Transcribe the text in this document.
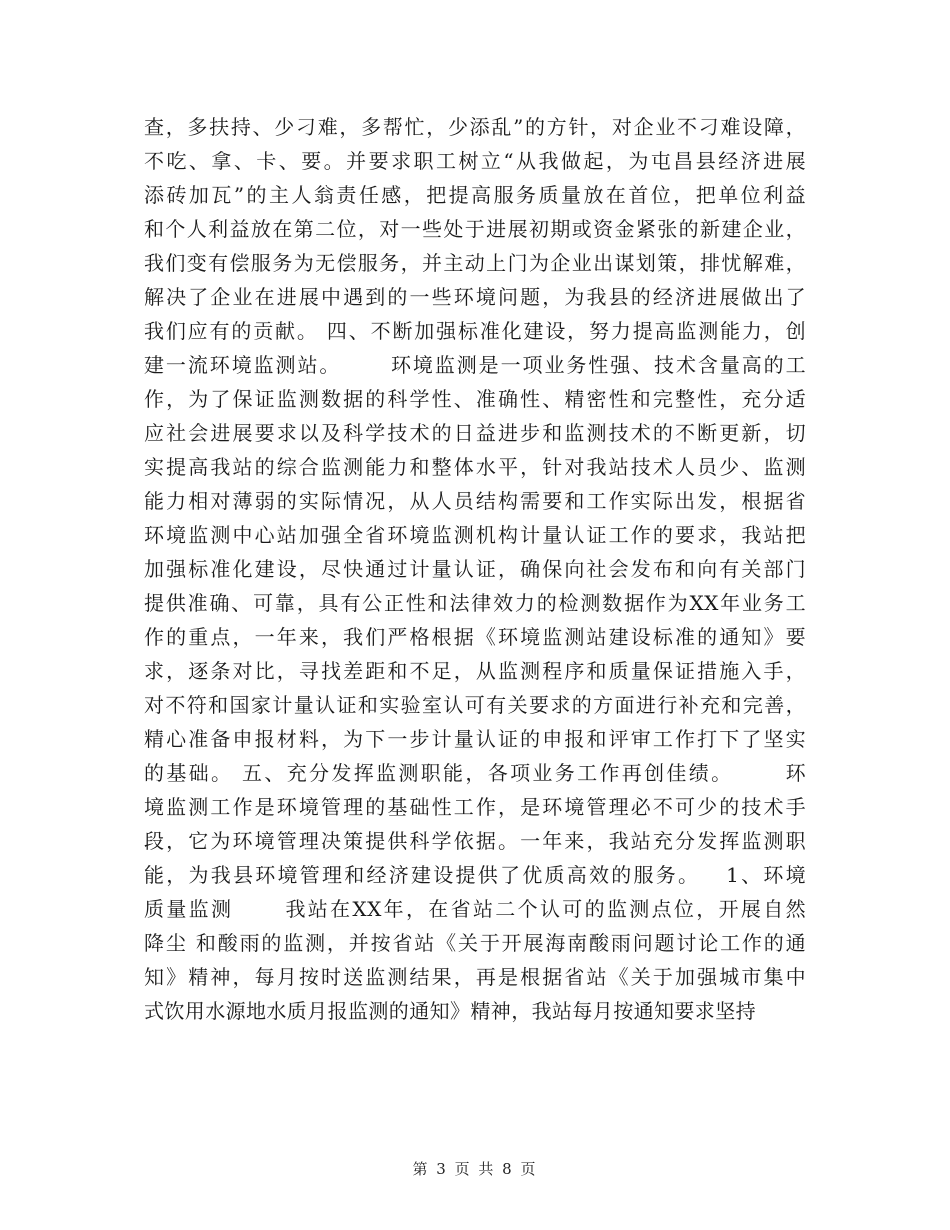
查，多扶持、少刁难，多帮忙，少添乱”的方针，对企业不刁难设障，
不吃、拿、卡、要。并要求职工树立“从我做起，为屯昌县经济进展
添砖加瓦”的主人翁责任感，把提高服务质量放在首位，把单位利益
和个人利益放在第二位，对一些处于进展初期或资金紧张的新建企业，
我们变有偿服务为无偿服务，并主动上门为企业出谋划策，排忧解难，
解决了企业在进展中遇到的一些环境问题，为我县的经济进展做出了
我们应有的贡献。 四、不断加强标准化建设，努力提高监测能力，创
建一流环境监测站。      环境监测是一项业务性强、技术含量高的工
作，为了保证监测数据的科学性、准确性、精密性和完整性，充分适
应社会进展要求以及科学技术的日益进步和监测技术的不断更新，切
实提高我站的综合监测能力和整体水平，针对我站技术人员少、监测
能力相对薄弱的实际情况，从人员结构需要和工作实际出发，根据省
环境监测中心站加强全省环境监测机构计量认证工作的要求，我站把
加强标准化建设，尽快通过计量认证，确保向社会发布和向有关部门
提供准确、可靠，具有公正性和法律效力的检测数据作为XX年业务工
作的重点，一年来，我们严格根据《环境监测站建设标准的通知》要
求，逐条对比，寻找差距和不足，从监测程序和质量保证措施入手，
对不符和国家计量认证和实验室认可有关要求的方面进行补充和完善，
精心准备申报材料，为下一步计量认证的申报和评审工作打下了坚实
的基础。 五、充分发挥监测职能，各项业务工作再创佳绩。      环
境监测工作是环境管理的基础性工作，是环境管理必不可少的技术手
段，它为环境管理决策提供科学依据。一年来，我站充分发挥监测职
能，为我县环境管理和经济建设提供了优质高效的服务。   1、环境
质量监测      我站在XX年，在省站二个认可的监测点位，开展自然
降尘 和酸雨的监测，并按省站《关于开展海南酸雨问题讨论工作的通
知》精神，每月按时送监测结果，再是根据省站《关于加强城市集中
式饮用水源地水质月报监测的通知》精神，我站每月按通知要求坚持
第 3 页 共 8 页
